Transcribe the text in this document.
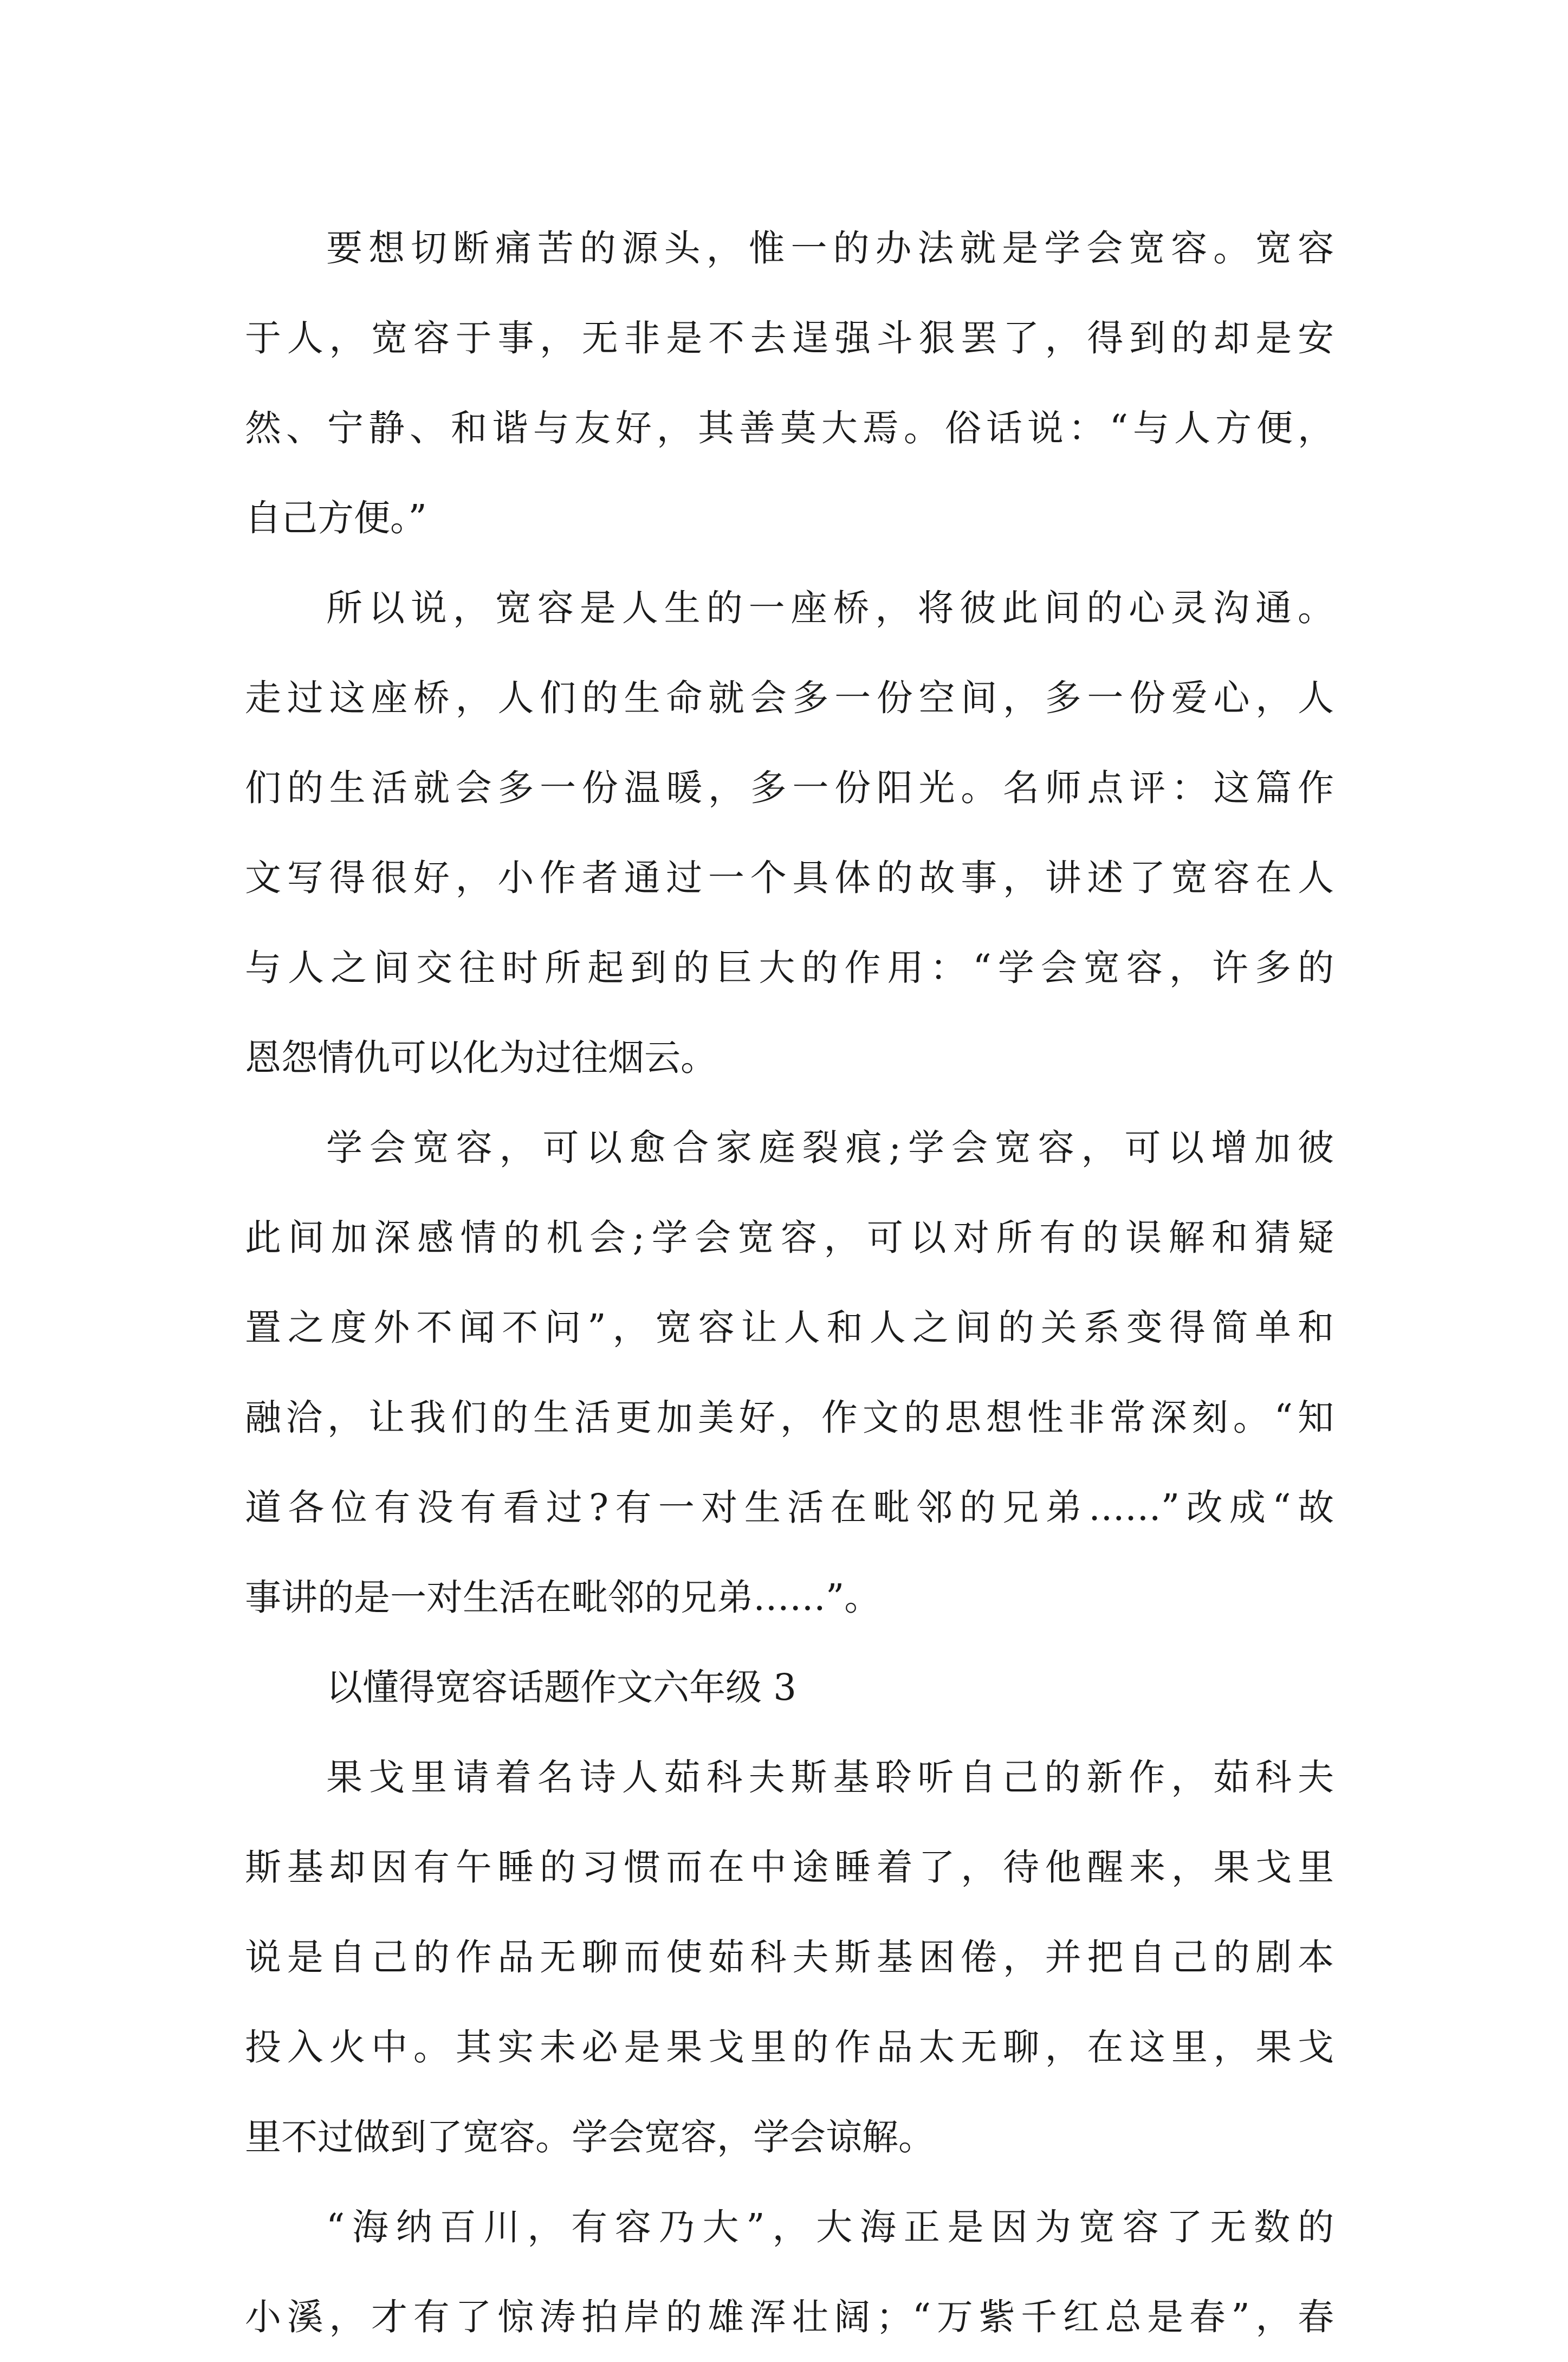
要想切断痛苦的源头，惟一的办法就是学会宽容。宽容
于人，宽容于事，无非是不去逞强斗狠罢了，得到的却是安
然、宁静、和谐与友好，其善莫大焉。俗话说：“与人方便，
自己方便。”
所以说，宽容是人生的一座桥，将彼此间的心灵沟通。
走过这座桥，人们的生命就会多一份空间，多一份爱心，人
们的生活就会多一份温暖，多一份阳光。名师点评：这篇作
文写得很好，小作者通过一个具体的故事，讲述了宽容在人
与人之间交往时所起到的巨大的作用：“学会宽容，许多的
恩怨情仇可以化为过往烟云。
学会宽容，可以愈合家庭裂痕;学会宽容，可以增加彼
此间加深感情的机会;学会宽容，可以对所有的误解和猜疑
置之度外不闻不问”，宽容让人和人之间的关系变得简单和
融洽，让我们的生活更加美好，作文的思想性非常深刻。“知
道各位有没有看过?有一对生活在毗邻的兄弟……”改成“故
事讲的是一对生活在毗邻的兄弟……”。
以懂得宽容话题作文六年级 3
果戈里请着名诗人茹科夫斯基聆听自己的新作，茹科夫
斯基却因有午睡的习惯而在中途睡着了，待他醒来，果戈里
说是自己的作品无聊而使茹科夫斯基困倦，并把自己的剧本
投入火中。其实未必是果戈里的作品太无聊，在这里，果戈
里不过做到了宽容。学会宽容，学会谅解。
“海纳百川，有容乃大”，大海正是因为宽容了无数的
小溪，才有了惊涛拍岸的雄浑壮阔；“万紫千红总是春”，春
